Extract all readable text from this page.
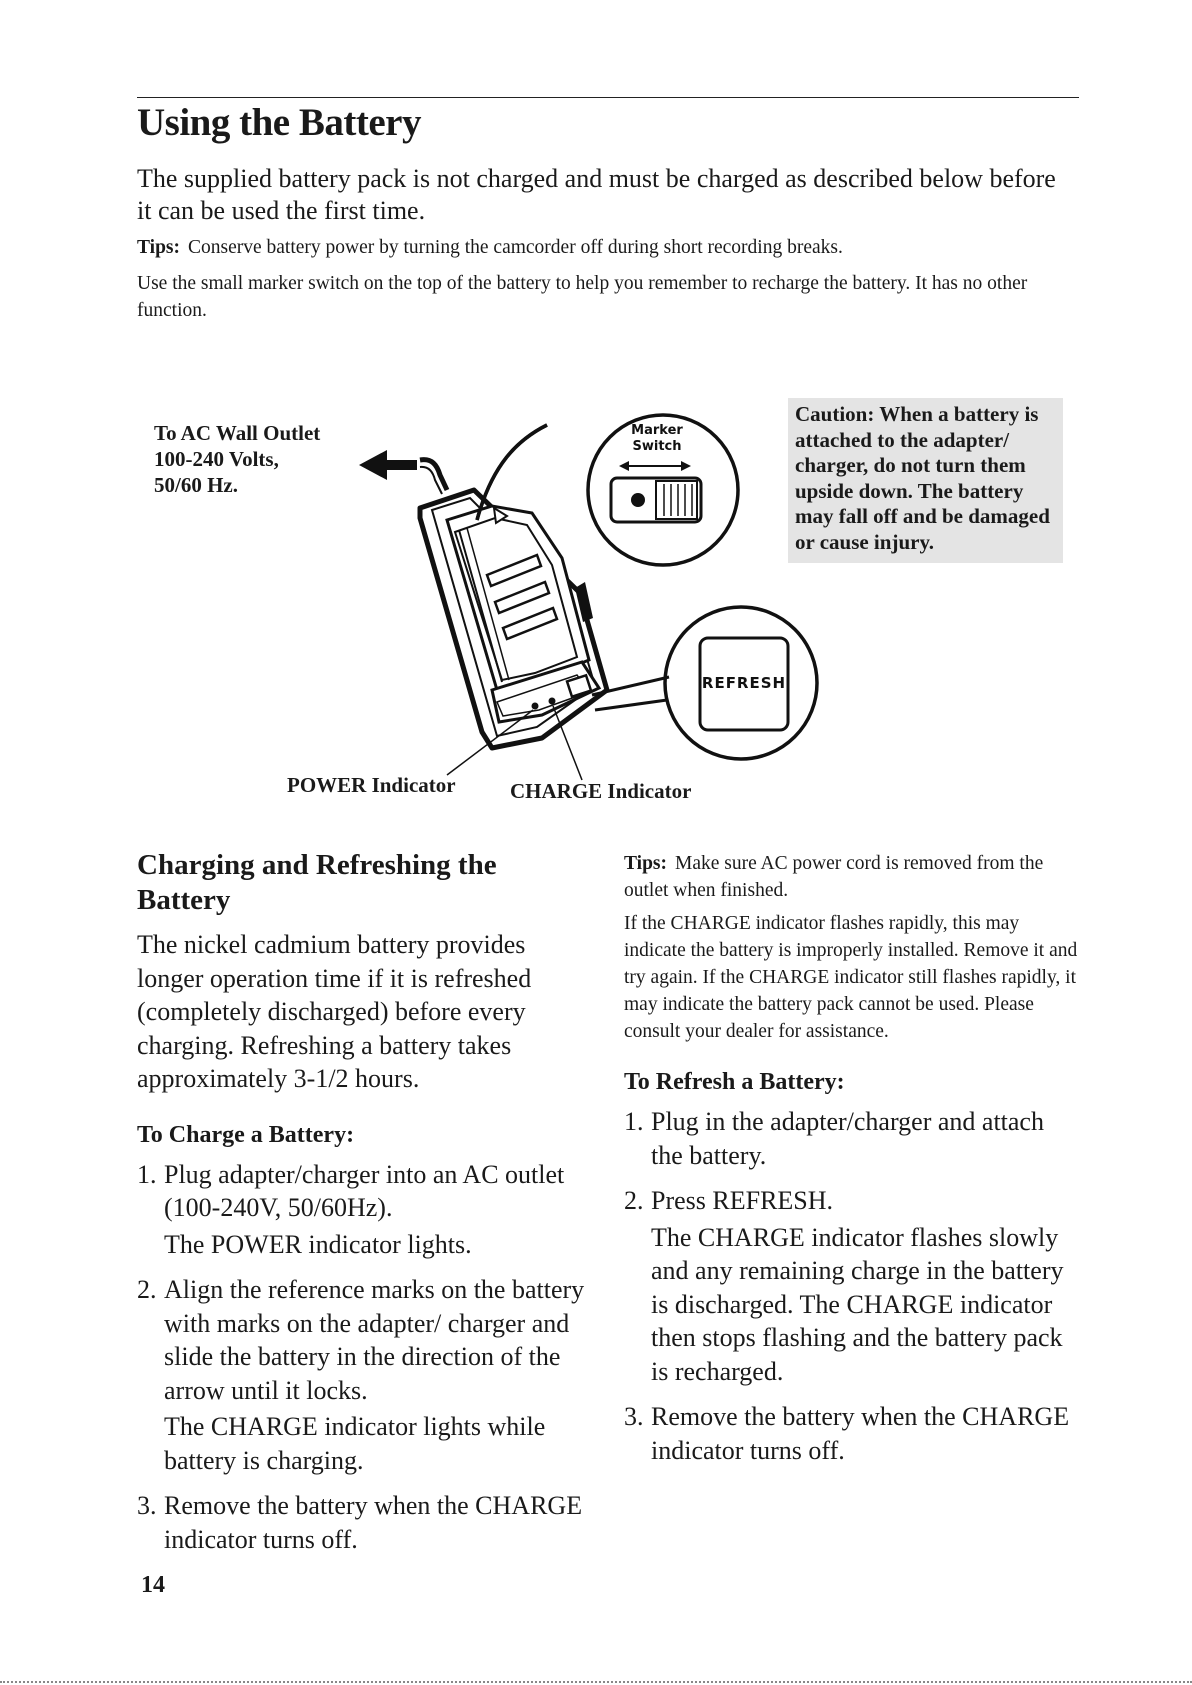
Using the Battery

The supplied battery pack is not charged and must be charged as described below before it can be used the first time.

Tips: Conserve battery power by turning the camcorder off during short recording breaks.

Use the small marker switch on the top of the battery to help you remember to recharge the battery. It has no other function.

Marker
Switch
REFRESH
To AC Wall Outlet
100-240 Volts,
50/60 Hz.
Caution: When a battery is attached to the adapter/ charger, do not turn them upside down. The battery may fall off and be damaged or cause injury.
POWER Indicator	CHARGE Indicator
Charging and Refreshing the Battery

The nickel cadmium battery provides longer operation time if it is refreshed (completely discharged) before every charging. Refreshing a battery takes approximately 3-1/2 hours.

To Charge a Battery:
1. Plug adapter/charger into an AC outlet (100-240V, 50/60Hz).
The POWER indicator lights.
2. Align the reference marks on the battery with marks on the adapter/ charger and slide the battery in the direction of the arrow until it locks.
The CHARGE indicator lights while battery is charging.
3. Remove the battery when the CHARGE indicator turns off.

Tips: Make sure AC power cord is removed from the outlet when finished.

If the CHARGE indicator flashes rapidly, this may indicate the battery is improperly installed. Remove it and try again. If the CHARGE indicator still flashes rapidly, it may indicate the battery pack cannot be used. Please consult your dealer for assistance.

To Refresh a Battery:
1. Plug in the adapter/charger and attach the battery.
2. Press REFRESH.
The CHARGE indicator flashes slowly and any remaining charge in the battery is discharged. The CHARGE indicator then stops flashing and the battery pack is recharged.
3. Remove the battery when the CHARGE indicator turns off.
14
